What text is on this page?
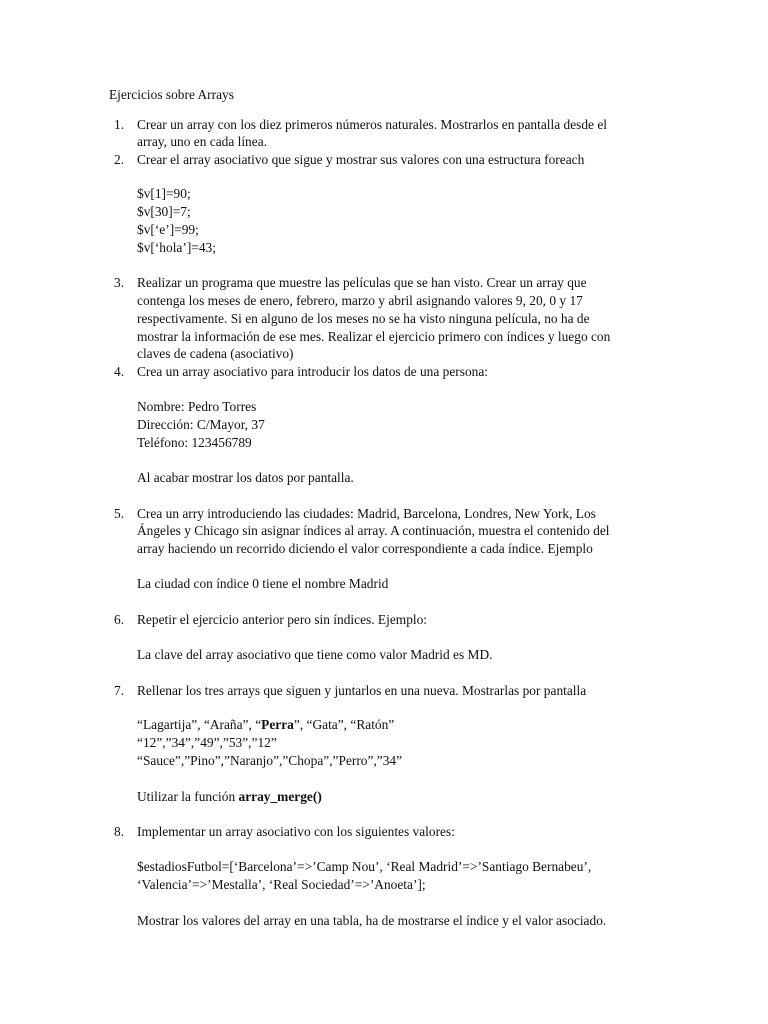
Ejercicios sobre Arrays
1. Crear un array con los diez primeros números naturales. Mostrarlos en pantalla desde el
array, uno en cada línea.
2. Crear el array asociativo que sigue y mostrar sus valores con una estructura foreach
$v[1]=90;
$v[30]=7;
$v[‘e’]=99;
$v[‘hola’]=43;
3. Realizar un programa que muestre las películas que se han visto. Crear un array que
contenga los meses de enero, febrero, marzo y abril asignando valores 9, 20, 0 y 17
respectivamente. Si en alguno de los meses no se ha visto ninguna película, no ha de
mostrar la información de ese mes. Realizar el ejercicio primero con índices y luego con
claves de cadena (asociativo)
4. Crea un array asociativo para introducir los datos de una persona:
Nombre: Pedro Torres
Dirección: C/Mayor, 37
Teléfono: 123456789
Al acabar mostrar los datos por pantalla.
5. Crea un arry introduciendo las ciudades: Madrid, Barcelona, Londres, New York, Los
Ángeles y Chicago sin asignar índices al array. A continuación, muestra el contenido del
array haciendo un recorrido diciendo el valor correspondiente a cada índice. Ejemplo
La ciudad con índice 0 tiene el nombre Madrid
6. Repetir el ejercicio anterior pero sin índices. Ejemplo:
La clave del array asociativo que tiene como valor Madrid es MD.
7. Rellenar los tres arrays que siguen y juntarlos en una nueva. Mostrarlas por pantalla
“Lagartija”, “Araña”, “Perra”, “Gata”, “Ratón”
“12”,”34”,”49”,”53”,”12”
“Sauce”,”Pino”,”Naranjo”,”Chopa”,”Perro”,”34”
Utilizar la función array_merge()
8. Implementar un array asociativo con los siguientes valores:
$estadiosFutbol=[‘Barcelona’=>’Camp Nou’, ‘Real Madrid’=>’Santiago Bernabeu’,
‘Valencia’=>’Mestalla’, ‘Real Sociedad’=>’Anoeta’];
Mostrar los valores del array en una tabla, ha de mostrarse el índice y el valor asociado.
